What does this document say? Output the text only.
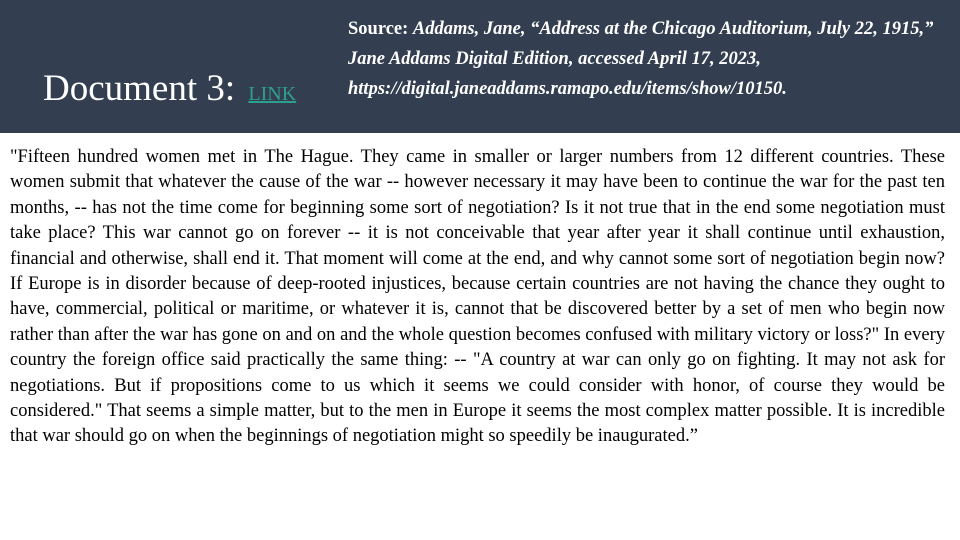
Document 3: LINK
Source: Addams, Jane, “Address at the Chicago Auditorium, July 22, 1915,” Jane Addams Digital Edition, accessed April 17, 2023, https://digital.janeaddams.ramapo.edu/items/show/10150.
"Fifteen hundred women met in The Hague. They came in smaller or larger numbers from 12 different countries. These women submit that whatever the cause of the war -- however necessary it may have been to continue the war for the past ten months, -- has not the time come for beginning some sort of negotiation? Is it not true that in the end some negotiation must take place? This war cannot go on forever -- it is not conceivable that year after year it shall continue until exhaustion, financial and otherwise, shall end it. That moment will come at the end, and why cannot some sort of negotiation begin now? If Europe is in disorder because of deep-rooted injustices, because certain countries are not having the chance they ought to have, commercial, political or maritime, or whatever it is, cannot that be discovered better by a set of men who begin now rather than after the war has gone on and on and the whole question becomes confused with military victory or loss?" In every country the foreign office said practically the same thing: -- "A country at war can only go on fighting. It may not ask for negotiations. But if propositions come to us which it seems we could consider with honor, of course they would be considered." That seems a simple matter, but to the men in Europe it seems the most complex matter possible. It is incredible that war should go on when the beginnings of negotiation might so speedily be inaugurated.”
